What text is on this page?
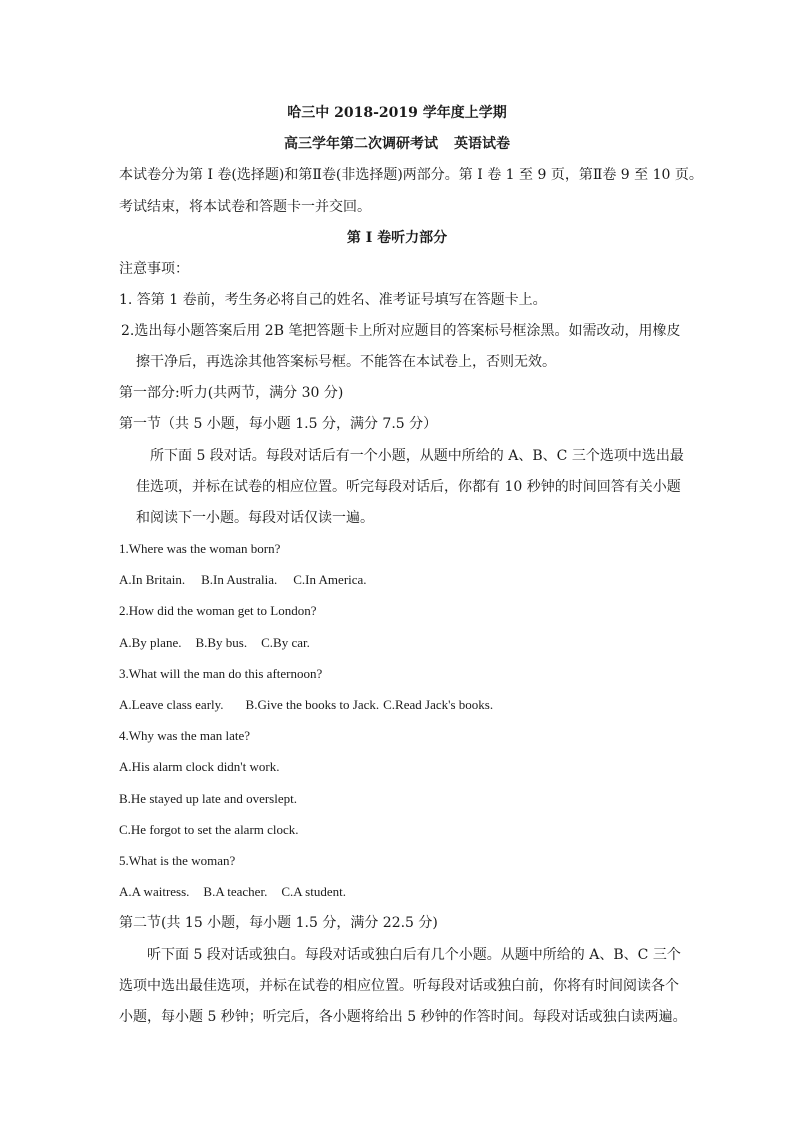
哈三中 2018-2019 学年度上学期
高三学年第二次调研考试 英语试卷
本试卷分为第 I 卷(选择题)和第Ⅱ卷(非选择题)两部分。第 I 卷 1 至 9 页，第Ⅱ卷 9 至 10 页。
考试结束，将本试卷和答题卡一并交回。
第 I 卷听力部分
注意事项：
1. 答第 1 卷前，考生务必将自己的姓名、准考证号填写在答题卡上。
2.选出每小题答案后用 2B 笔把答题卡上所对应题目的答案标号框涂黑。如需改动，用橡皮
擦干净后，再选涂其他答案标号框。不能答在本试卷上，否则无效。
第一部分:听力(共两节，满分 30 分)
第一节（共 5 小题，每小题 1.5 分，满分 7.5 分）
所下面 5 段对话。每段对话后有一个小题，从题中所给的 A、B、C 三个选项中选出最
佳选项，并标在试卷的相应位置。听完每段对话后，你都有 10 秒钟的时间回答有关小题
和阅读下一小题。每段对话仅读一遍。
1.Where was the woman born?
A.In Britain. B.In Australia. C.In America.
2.How did the woman get to London?
A.By plane. B.By bus. C.By car.
3.What will the man do this afternoon?
A.Leave class early. B.Give the books to Jack. C.Read Jack's books.
4.Why was the man late?
A.His alarm clock didn't work.
B.He stayed up late and overslept.
C.He forgot to set the alarm clock.
5.What is the woman?
A.A waitress. B.A teacher. C.A student.
第二节(共 15 小题，每小题 1.5 分，满分 22.5 分)
听下面 5 段对话或独白。每段对话或独白后有几个小题。从题中所给的 A、B、C 三个
选项中选出最佳选项，并标在试卷的相应位置。听每段对话或独白前，你将有时间阅读各个
小题，每小题 5 秒钟；听完后，各小题将给出 5 秒钟的作答时间。每段对话或独白读两遍。
